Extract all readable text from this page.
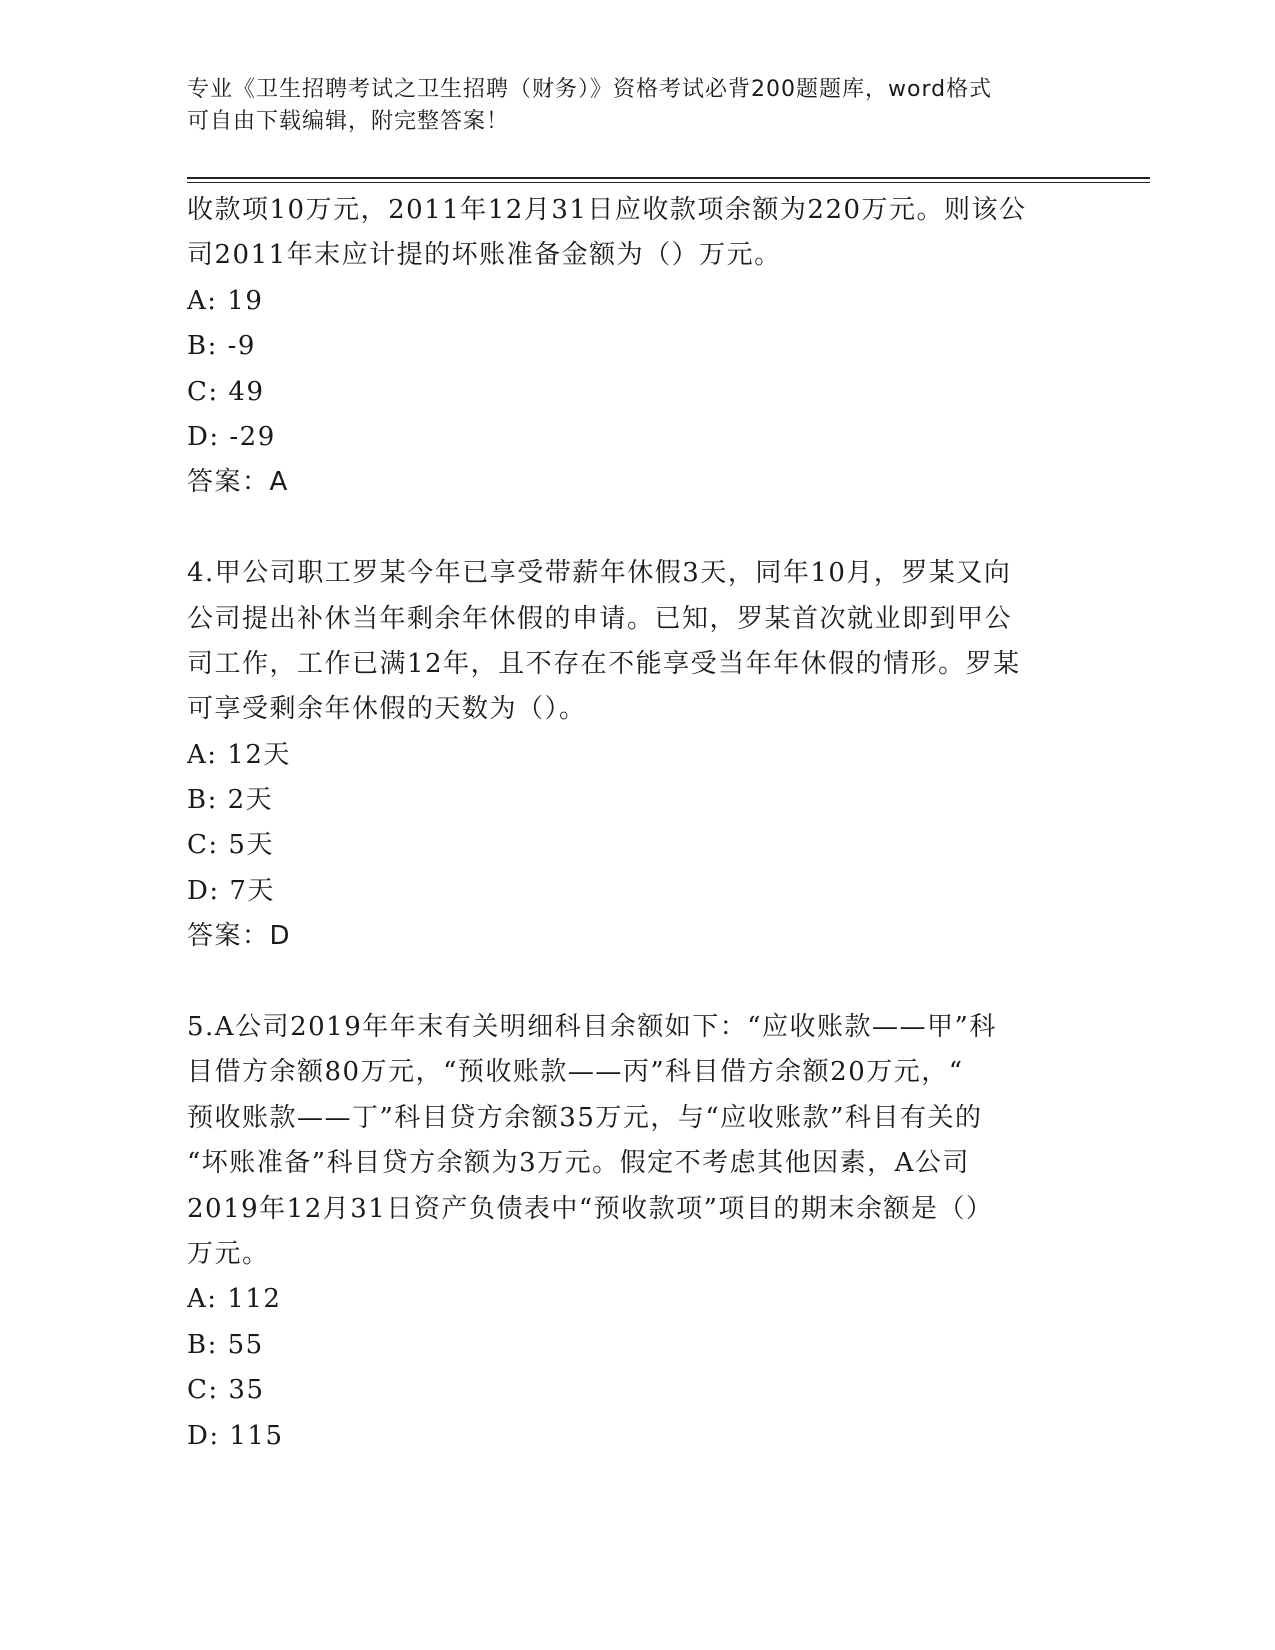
专业《卫生招聘考试之卫生招聘（财务）》资格考试必背200题题库，word格式
可自由下载编辑，附完整答案！
收款项10万元，2011年12月31日应收款项余额为220万元。则该公
司2011年末应计提的坏账准备金额为（）万元。
A: 19
B: -9
C: 49
D: -29
答案：A
4.甲公司职工罗某今年已享受带薪年休假3天，同年10月，罗某又向
公司提出补休当年剩余年休假的申请。已知，罗某首次就业即到甲公
司工作，工作已满12年，且不存在不能享受当年年休假的情形。罗某
可享受剩余年休假的天数为（）。
A: 12天
B: 2天
C: 5天
D: 7天
答案：D
5.A公司2019年年末有关明细科目余额如下：“应收账款——甲”科
目借方余额80万元，“预收账款——丙”科目借方余额20万元，“
预收账款——丁”科目贷方余额35万元，与“应收账款”科目有关的
“坏账准备”科目贷方余额为3万元。假定不考虑其他因素，A公司
2019年12月31日资产负债表中“预收款项”项目的期末余额是（）
万元。
A: 112
B: 55
C: 35
D: 115
